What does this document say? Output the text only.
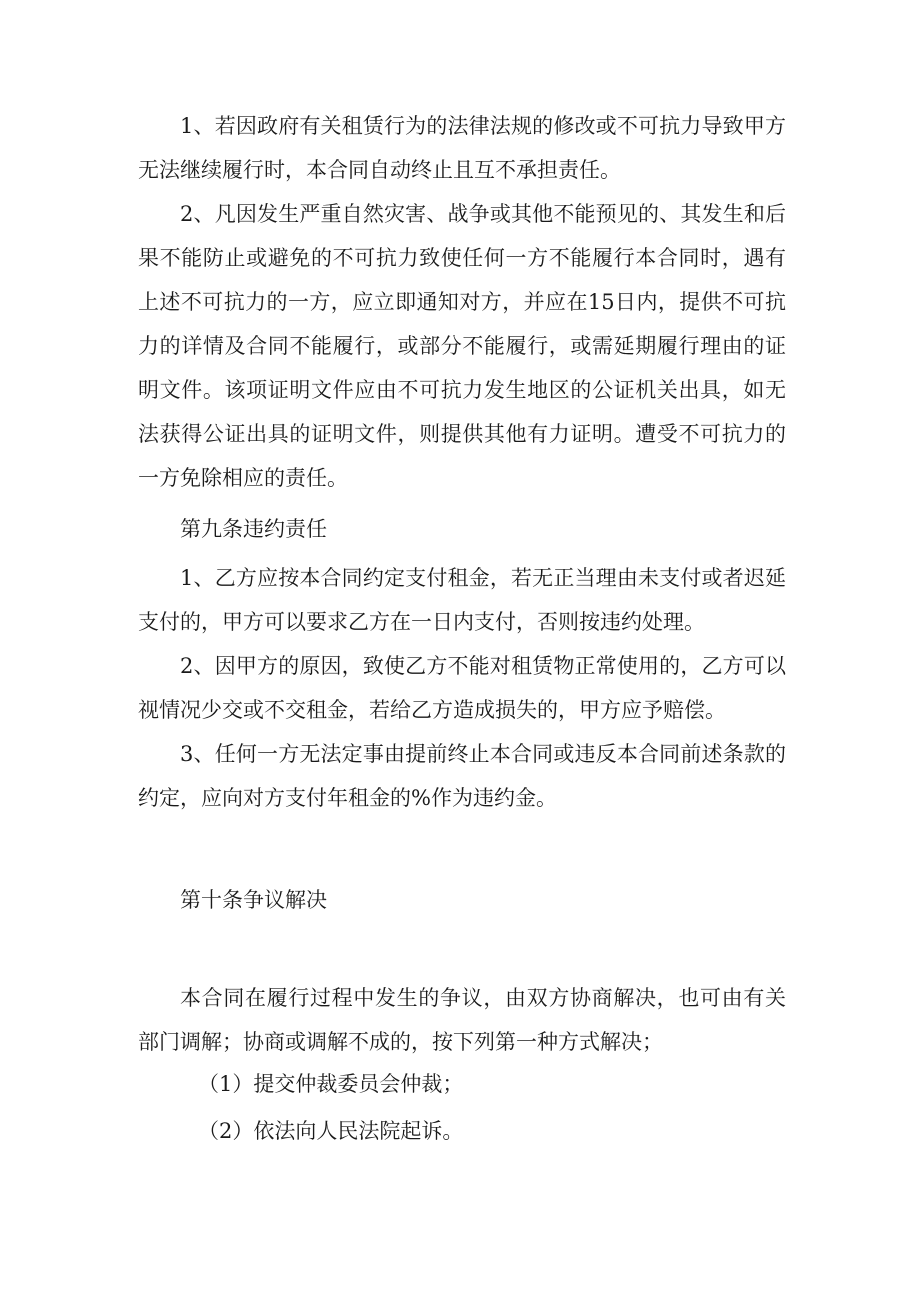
1、若因政府有关租赁行为的法律法规的修改或不可抗力导致甲方无法继续履行时，本合同自动终止且互不承担责任。

2、凡因发生严重自然灾害、战争或其他不能预见的、其发生和后果不能防止或避免的不可抗力致使任何一方不能履行本合同时，遇有上述不可抗力的一方，应立即通知对方，并应在15日内，提供不可抗力的详情及合同不能履行，或部分不能履行，或需延期履行理由的证明文件。该项证明文件应由不可抗力发生地区的公证机关出具，如无法获得公证出具的证明文件，则提供其他有力证明。遭受不可抗力的一方免除相应的责任。

第九条违约责任

1、乙方应按本合同约定支付租金，若无正当理由未支付或者迟延支付的，甲方可以要求乙方在一日内支付，否则按违约处理。

2、因甲方的原因，致使乙方不能对租赁物正常使用的，乙方可以视情况少交或不交租金，若给乙方造成损失的，甲方应予赔偿。

3、任何一方无法定事由提前终止本合同或违反本合同前述条款的约定，应向对方支付年租金的%作为违约金。

第十条争议解决

本合同在履行过程中发生的争议，由双方协商解决，也可由有关部门调解；协商或调解不成的，按下列第一种方式解决；

（1）提交仲裁委员会仲裁；

（2）依法向人民法院起诉。
